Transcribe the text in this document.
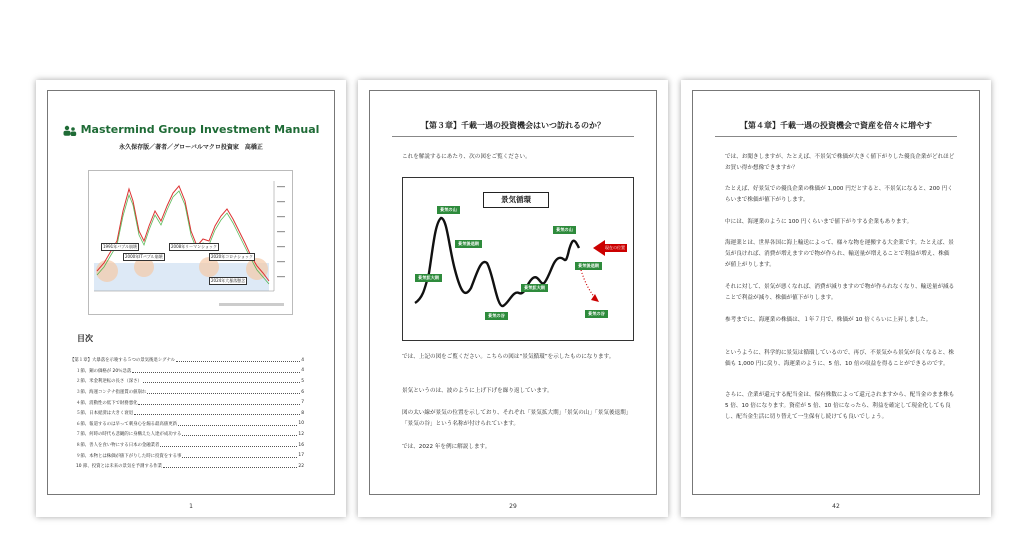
Mastermind Group Investment Manual
永久保存版／著者／グローバルマクロ投資家　高橋正
1991年バブル崩壊
2000年ITバブル崩壊
2008年リーマンショック
2020年コロナショック
2024年大暴落懸念
目次
【第１章】大暴落を示唆する５つの景気後退シグナル	4
１節、銅の価格が 20％急落	4
２節、米金利逆転の長さ（深さ）	5
３節、海運コンテナ指運賃の値崩れ	6
４節、消動性の低下で財務悪化	7
５節、日本経済は大きく衰退	8
６節、報道するのは早って刺身心を煽る最高値更新	10
７節、何時の時代も悲観的に身構えた人達が成功する	12
８節、善人を食い物にする日本の金融業者	16
９節、本物とは株価が値下がりした時に投資をする事	17
10 節、投資とは未来の景気を予測する作業	22
1
【第３章】千載一遇の投資機会はいつ訪れるのか？
これを解説するにあたり、次の図をご覧ください。
景気循環
景気の山
景気後退期
景気拡大期
景気の谷
景気拡大期
景気の山
現在の位置
景気後退期
景気の谷
では、上記の図をご覧ください。こちらの図は“景気循環”を示したものになります。
景気というのは、波のように上げ下げを繰り返しています。
図の太い線が景気の位置を示しており、それぞれ「景気拡大期」「景気の山」「景気後退期」「景気の谷」という名称が付けられています。
では、2022 年を例に解説します。
29
【第４章】千載一遇の投資機会で資産を倍々に増やす
では、お聞きしますが、たとえば、不景気で株価が大きく値下がりした優良企業がどれほどお買い得か想像できますか？
たとえば、好景気での優良企業の株価が 1,000 円だとすると、不景気になると、200 円くらいまで株価が値下がりします。
中には、海運業のように 100 円くらいまで値下がりする企業もあります。
海運業とは、世界各国に海上輸送によって、様々な物を運搬する大企業です。たとえば、景気が良ければ、消費が増えますので物が作られ、輸送量が増えることで利益が増え、株価が値上がりします。
それに対して、景気が悪くなれば、消費が減りますので物が作られなくなり、輸送量が減ることで利益が減り、株価が値下がりします。
参考までに、海運業の株価は、１年７月で、株価が 10 倍くらいに上昇しました。
というように、科学的に景気は循環しているので、再び、不景気から景気が良くなると、株価も 1,000 円に戻り、海運業のように、5 倍、10 倍の収益を得ることができるのです。
さらに、企業が還元する配当金は、保有株数によって還元されますから、配当金のまま株も 5 倍、10 倍になります。資産が 5 倍、10 倍になったら、利益を確定して現金化しても良し、配当金生活に切り替えて一生保有し続けても良いでしょう。
42
